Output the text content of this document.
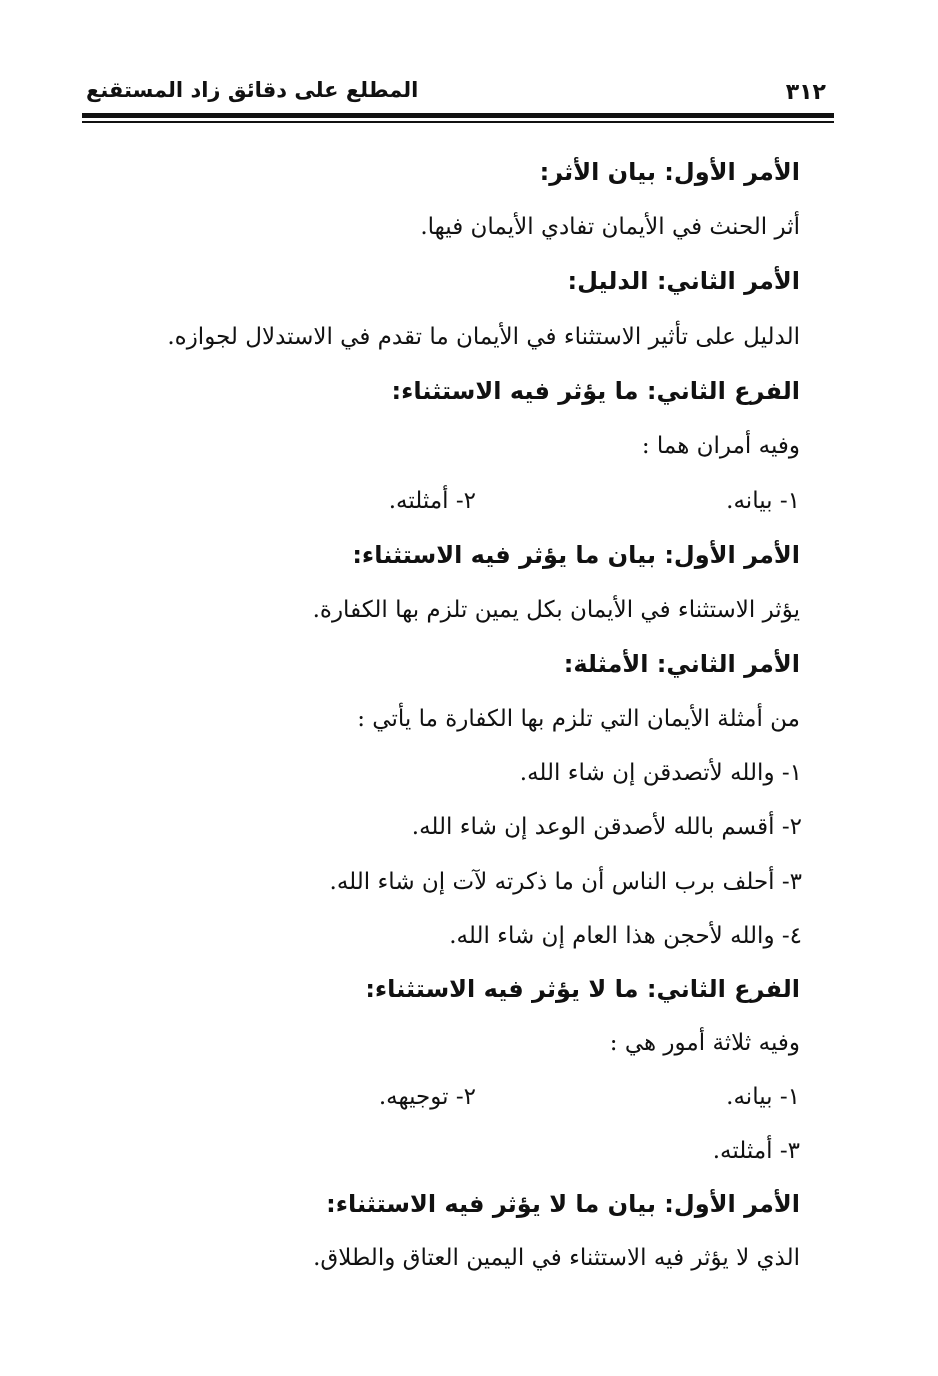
٣١٢
المطلع على دقائق زاد المستقنع
الأمر الأول: بيان الأثر:
أثر الحنث في الأيمان تفادي الأيمان فيها.
الأمر الثاني: الدليل:
الدليل على تأثير الاستثناء في الأيمان ما تقدم في الاستدلال لجوازه.
الفرع الثاني: ما يؤثر فيه الاستثناء:
وفيه أمران هما :
١- بيانه.
٢- أمثلته.
الأمر الأول: بيان ما يؤثر فيه الاستثناء:
يؤثر الاستثناء في الأيمان بكل يمين تلزم بها الكفارة.
الأمر الثاني: الأمثلة:
من أمثلة الأيمان التي تلزم بها الكفارة ما يأتي :
١- والله لأتصدقن إن شاء الله.
٢- أقسم بالله لأصدقن الوعد إن شاء الله.
٣- أحلف برب الناس أن ما ذكرته لآت إن شاء الله.
٤- والله لأحجن هذا العام إن شاء الله.
الفرع الثاني: ما لا يؤثر فيه الاستثناء:
وفيه ثلاثة أمور هي :
١- بيانه.
٢- توجيهه.
٣- أمثلته.
الأمر الأول: بيان ما لا يؤثر فيه الاستثناء:
الذي لا يؤثر فيه الاستثناء في اليمين العتاق والطلاق.
